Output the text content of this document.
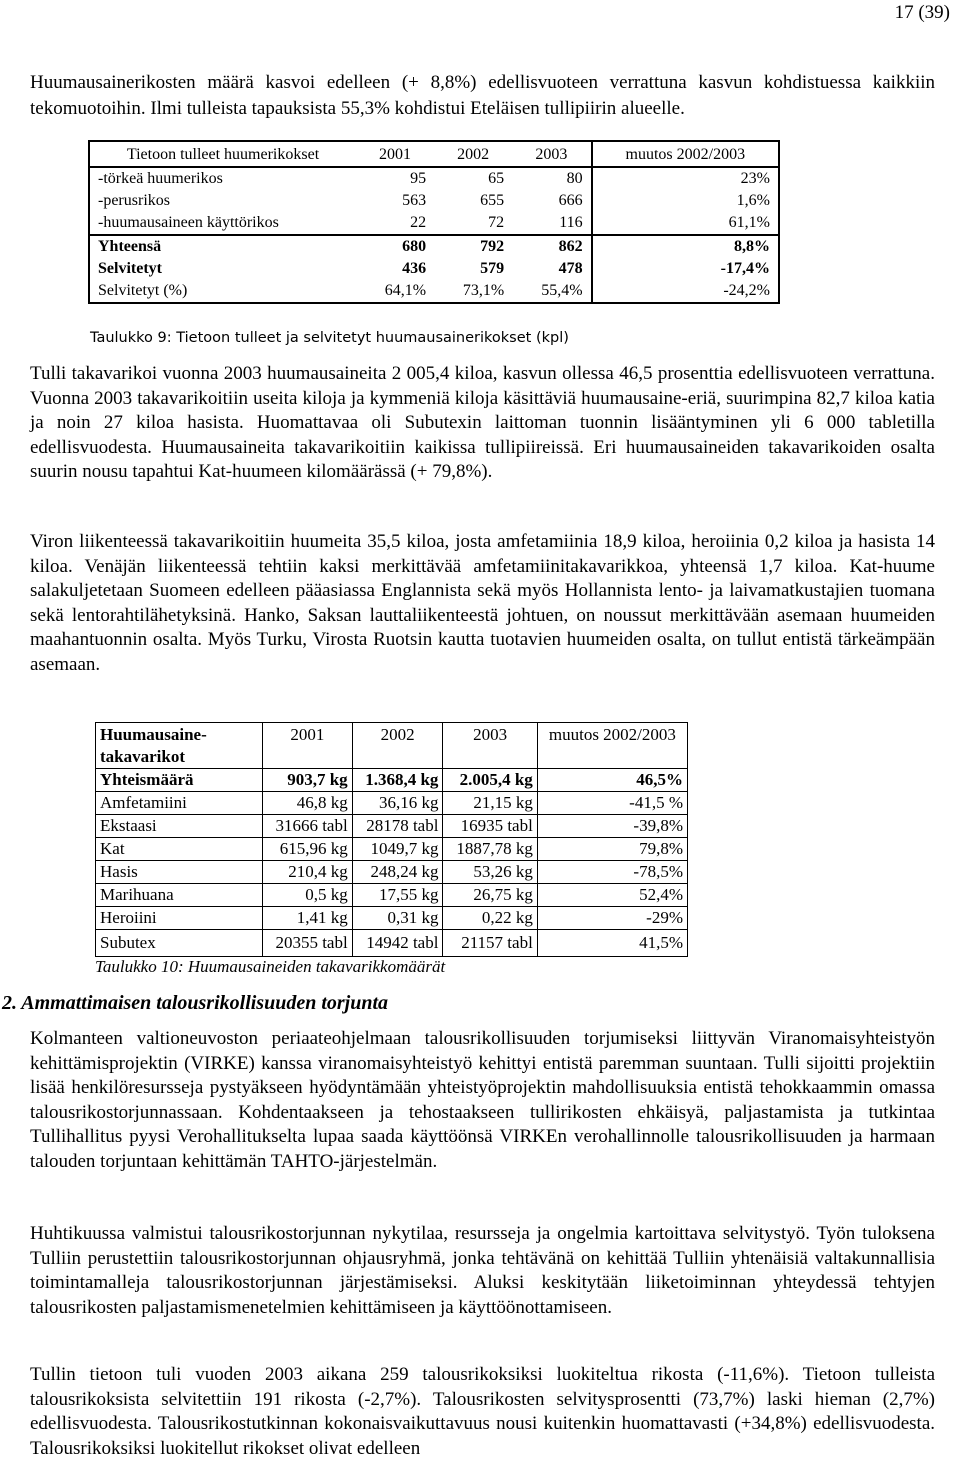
17 (39)

Huumausainerikosten määrä kasvoi edelleen (+ 8,8%) edellisvuoteen verrattuna kasvun kohdistuessa kaikkiin tekomuotoihin. Ilmi tulleista tapauksista 55,3% kohdistui Eteläisen tullipiirin alueelle.

Tietoon tulleet huumerikokset	2001	2002	2003	muutos 2002/2003
-törkeä huumerikos	95	65	80	23%
-perusrikos	563	655	666	1,6%
-huumausaineen käyttörikos	22	72	116	61,1%
Yhteensä	680	792	862	8,8%
Selvitetyt	436	579	478	-17,4%
Selvitetyt (%)	64,1%	73,1%	55,4%	-24,2%

Taulukko 9: Tietoon tulleet ja selvitetyt huumausainerikokset (kpl)

Tulli takavarikoi vuonna 2003 huumausaineita 2 005,4 kiloa, kasvun ollessa 46,5 prosenttia edellisvuoteen verrattuna. Vuonna 2003 takavarikoitiin useita kiloja ja kymmeniä kiloja käsittäviä huumausaine-eriä, suurimpina 82,7 kiloa katia ja noin 27 kiloa hasista. Huomattavaa oli Subutexin laittoman tuonnin lisääntyminen yli 6 000 tabletilla edellisvuodesta. Huumausaineita takavarikoitiin kaikissa tullipiireissä. Eri huumausaineiden takavarikoiden osalta suurin nousu tapahtui Kat-huumeen kilomäärässä (+ 79,8%).

Viron liikenteessä takavarikoitiin huumeita 35,5 kiloa, josta amfetamiinia 18,9 kiloa, heroiinia 0,2 kiloa ja hasista 14 kiloa. Venäjän liikenteessä tehtiin kaksi merkittävää amfetamiinitakavarikkoa, yhteensä 1,7 kiloa. Kat-huume salakuljetetaan Suomeen edelleen pääasiassa Englannista sekä myös Hollannista lento- ja laivamatkustajien tuomana sekä lentorahtilähetyksinä. Hanko, Saksan lauttaliikenteestä johtuen, on noussut merkittävään asemaan huumeiden maahantuonnin osalta. Myös Turku, Virosta Ruotsin kautta tuotavien huumeiden osalta, on tullut entistä tärkeämpään asemaan.

Huumausaine-takavarikot	2001	2002	2003	muutos 2002/2003
Yhteismäärä	903,7 kg	1.368,4 kg	2.005,4 kg	46,5%
Amfetamiini	46,8 kg	36,16 kg	21,15 kg	-41,5 %
Ekstaasi	31666 tabl	28178 tabl	16935 tabl	-39,8%
Kat	615,96 kg	1049,7 kg	1887,78 kg	79,8%
Hasis	210,4 kg	248,24 kg	53,26 kg	-78,5%
Marihuana	0,5 kg	17,55 kg	26,75 kg	52,4%
Heroiini	1,41 kg	0,31 kg	0,22 kg	-29%
Subutex	20355 tabl	14942 tabl	21157 tabl	41,5%

Taulukko 10: Huumausaineiden takavarikkomäärät

2. Ammattimaisen talousrikollisuuden torjunta

Kolmanteen valtioneuvoston periaateohjelmaan talousrikollisuuden torjumiseksi liittyvän Viranomaisyhteistyön kehittämisprojektin (VIRKE) kanssa viranomaisyhteistyö kehittyi entistä paremman suuntaan. Tulli sijoitti projektiin lisää henkilöresursseja pystyäkseen hyödyntämään yhteistyöprojektin mahdollisuuksia entistä tehokkaammin omassa talousrikostorjunnassaan. Kohdentaakseen ja tehostaakseen tullirikosten ehkäisyä, paljastamista ja tutkintaa Tullihallitus pyysi Verohallitukselta lupaa saada käyttöönsä VIRKEn verohallinnolle talousrikollisuuden ja harmaan talouden torjuntaan kehittämän TAHTO-järjestelmän.

Huhtikuussa valmistui talousrikostorjunnan nykytilaa, resursseja ja ongelmia kartoittava selvitystyö. Työn tuloksena Tulliin perustettiin talousrikostorjunnan ohjausryhmä, jonka tehtävänä on kehittää Tulliin yhtenäisiä valtakunnallisia toimintamalleja talousrikostorjunnan järjestämiseksi. Aluksi keskitytään liiketoiminnan yhteydessä tehtyjen talousrikosten paljastamismenetelmien kehittämiseen ja käyttöönottamiseen.

Tullin tietoon tuli vuoden 2003 aikana 259 talousrikoksiksi luokiteltua rikosta (-11,6%). Tietoon tulleista talousrikoksista selvitettiin 191 rikosta (-2,7%). Talousrikosten selvitysprosentti (73,7%) laski hieman (2,7%) edellisvuodesta. Talousrikostutkinnan kokonaisvaikuttavuus nousi kuitenkin huomattavasti (+34,8%) edellisvuodesta. Talousrikoksiksi luokitellut rikokset olivat edelleen
